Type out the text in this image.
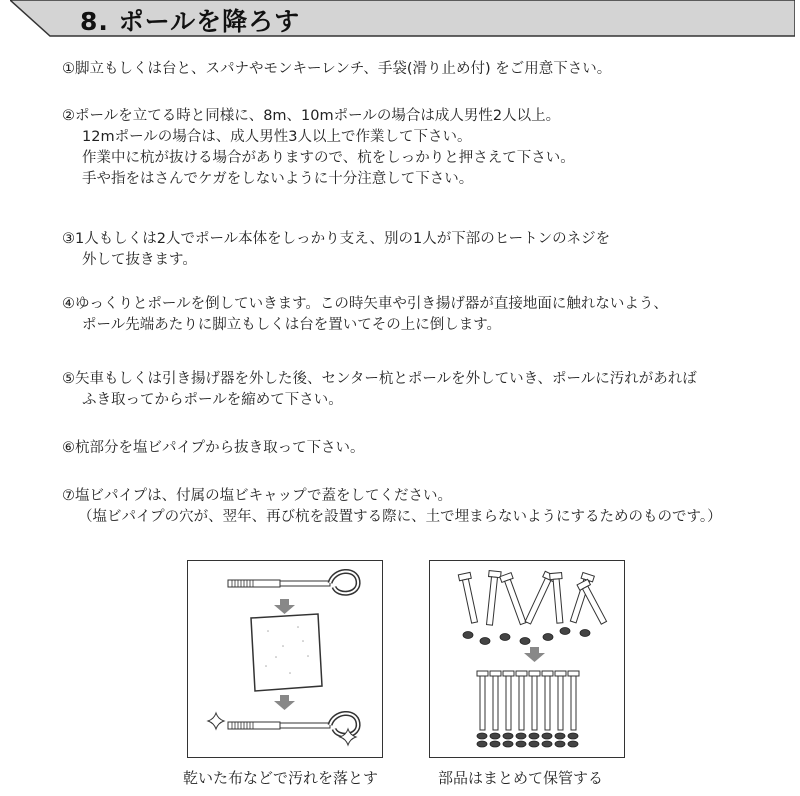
8. ポールを降ろす
①脚立もしくは台と、スパナやモンキーレンチ、手袋(滑り止め付) をご用意下さい。
②ポールを立てる時と同様に、8m、10mポールの場合は成人男性2人以上。
12mポールの場合は、成人男性3人以上で作業して下さい。
作業中に杭が抜ける場合がありますので、杭をしっかりと押さえて下さい。
手や指をはさんでケガをしないように十分注意して下さい。
③1人もしくは2人でポール本体をしっかり支え、別の1人が下部のヒートンのネジを
外して抜きます。
④ゆっくりとポールを倒していきます。この時矢車や引き揚げ器が直接地面に触れないよう、
ポール先端あたりに脚立もしくは台を置いてその上に倒します。
⑤矢車もしくは引き揚げ器を外した後、センター杭とポールを外していき、ポールに汚れがあれば
ふき取ってからポールを縮めて下さい。
⑥杭部分を塩ビパイプから抜き取って下さい。
⑦塩ビパイプは、付属の塩ビキャップで蓋をしてください。
（塩ビパイプの穴が、翌年、再び杭を設置する際に、土で埋まらないようにするためのものです。）
乾いた布などで汚れを落とす	部品はまとめて保管する
